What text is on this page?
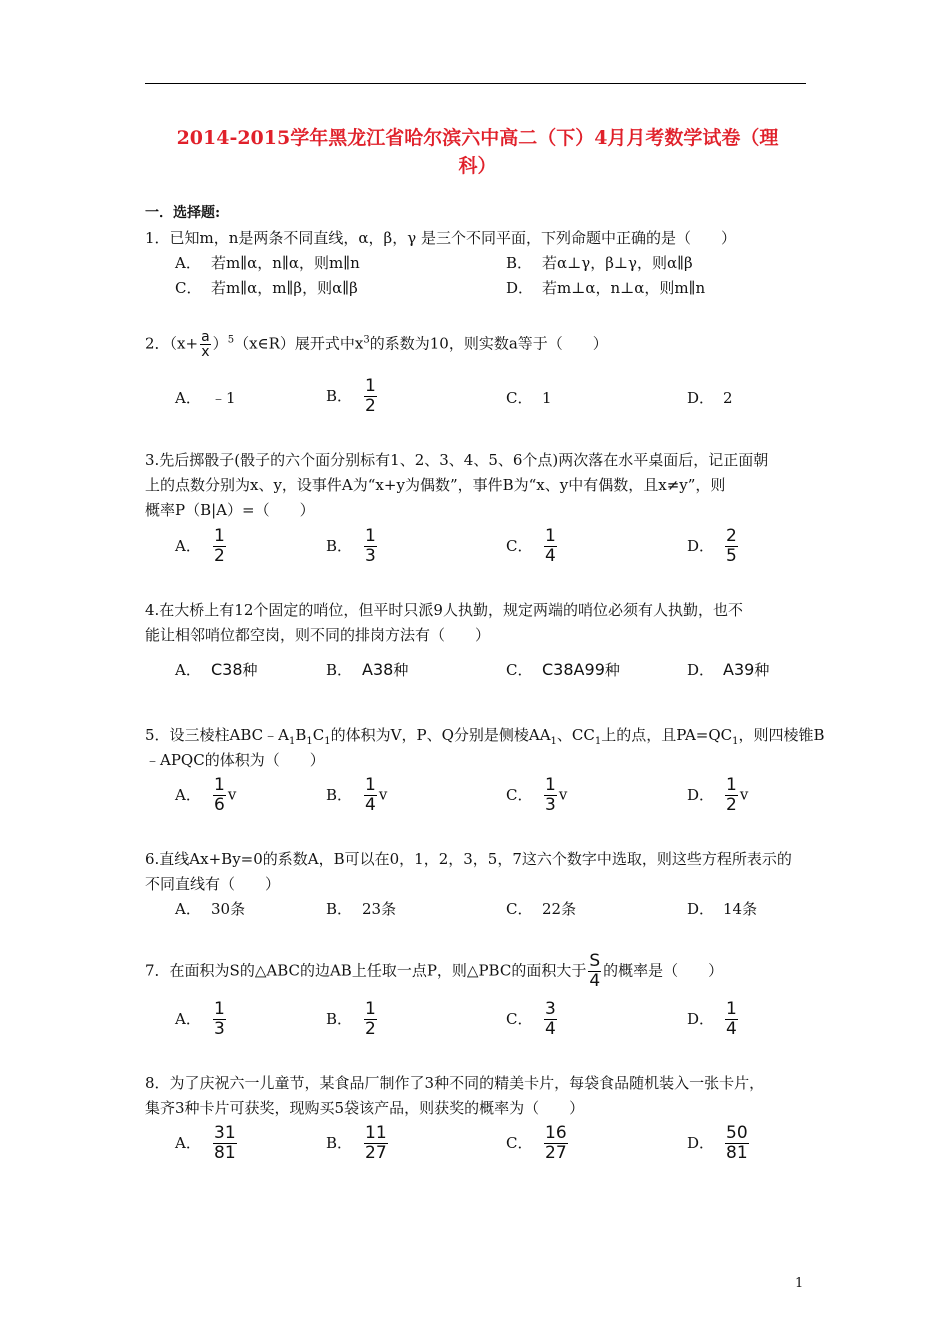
2014-2015学年黑龙江省哈尔滨六中高二（下）4月月考数学试卷（理
科）
一．选择题:
1．已知m，n是两条不同直线，α，β，γ 是三个不同平面，下列命题中正确的是（　　）
A． 若m∥α，n∥α，则m∥n	B． 若α⊥γ，β⊥γ，则α∥β
C． 若m∥α，m∥β，则α∥β	D． 若m⊥α，n⊥α，则m∥n
2．（$x+ \frac{a}{x}$ ）$^5(x\in R)$展开式中$x^3$的系数为10，则实数a等于（　　）
A． ﹣1	B． $\frac{1}{2}$	C． 1	D． 2
3.先后掷骰子(骰子的六个面分别标有1、2、3、4、5、6个点)两次落在水平桌面后，记正面朝
上的点数分别为x、y，设事件A为“x+y为偶数”，事件B为“x、y中有偶数，且x≠y”，则
概率P（B|A）=（　　）
A． $\frac{1}{2}$	B． $\frac{1}{3}$	C． $\frac{1}{4}$	D． $\frac{2}{5}$
4.在大桥上有12个固定的哨位，但平时只派9人执勤，规定两端的哨位必须有人执勤，也不
能让相邻哨位都空岗，则不同的排岗方法有（　　）
A． C38种	B． A38种	C． C38A99种	D． A39种
5．设三棱柱$ABC﹣A_1B_1C_1$的体积为V，P、Q分别是侧棱$AA_1$、$CC_1$上的点，且$PA=QC_1$，则四棱锥B
﹣APQC的体积为（　　）
A． $\frac{1}{6}$ v	B． $\frac{1}{4}$ v	C． $\frac{1}{3}$ v	D． $\frac{1}{2}$ v
6.直线Ax+By=0的系数A，B可以在0，1，2，3，5，7这六个数字中选取，则这些方程所表示的
不同直线有（　　）
A． 30条	B． 23条	C． 22条	D． 14条
7．在面积为S的△ABC的边AB上任取一点P，则△PBC的面积大于 $\frac{S}{4}$ 的概率是（　　）
A． $\frac{1}{3}$	B． $\frac{1}{2}$	C． $\frac{3}{4}$	D． $\frac{1}{4}$
8．为了庆祝六一儿童节，某食品厂制作了3种不同的精美卡片，每袋食品随机装入一张卡片，
集齐3种卡片可获奖，现购买5袋该产品，则获奖的概率为（　　）
A． $\frac{31}{81}$	B． $\frac{11}{27}$	C． $\frac{16}{27}$	D． $\frac{50}{81}$
1
